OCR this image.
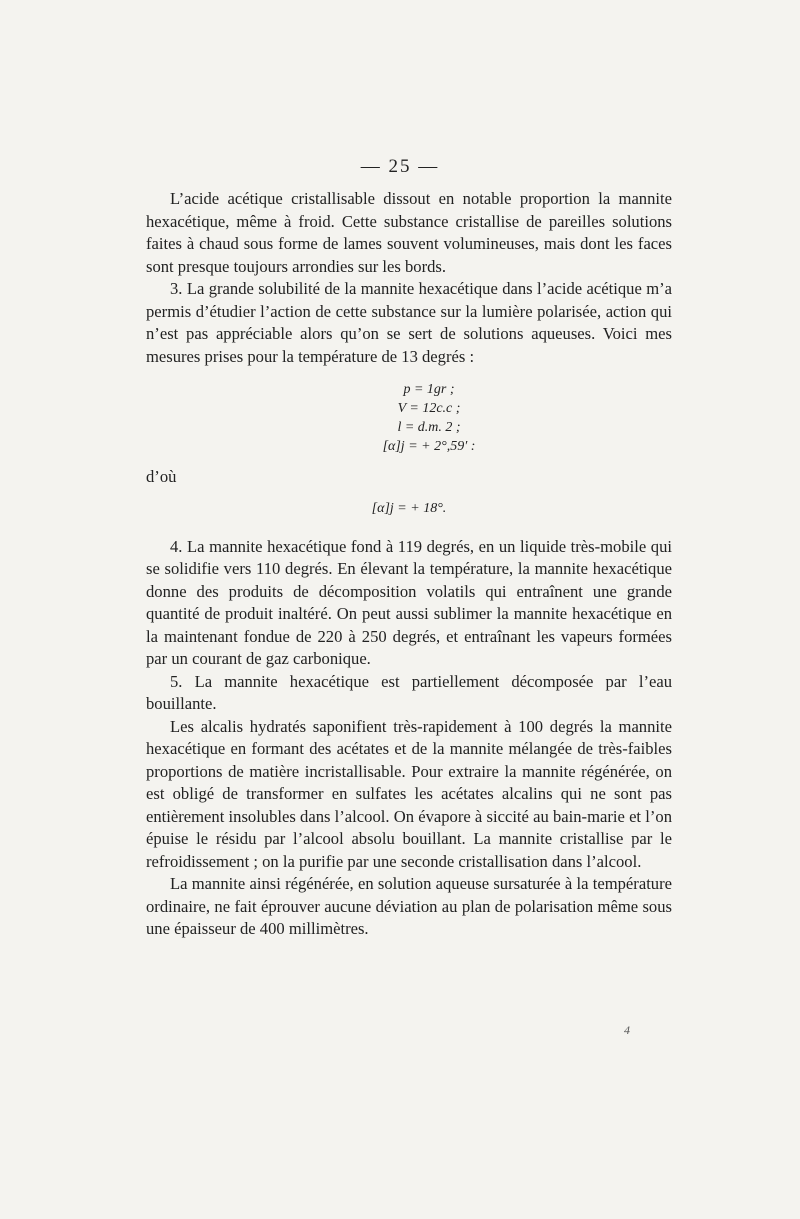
— 25 —

L’acide acétique cristallisable dissout en notable proportion la mannite hexacétique, même à froid. Cette substance cristallise de pareilles solutions faites à chaud sous forme de lames souvent volumineuses, mais dont les faces sont presque toujours arrondies sur les bords.

3. La grande solubilité de la mannite hexacétique dans l’acide acétique m’a permis d’étudier l’action de cette substance sur la lumière polarisée, action qui n’est pas appréciable alors qu’on se sert de solutions aqueuses. Voici mes mesures prises pour la température de 13 degrés :

p = 1gr ;
V = 12c.c ;
l = d.m. 2 ;
[α]j = + 2°,59′ :

d’où

[α]j = + 18°.

4. La mannite hexacétique fond à 119 degrés, en un liquide très-mobile qui se solidifie vers 110 degrés. En élevant la température, la mannite hexacétique donne des produits de décomposition volatils qui entraînent une grande quantité de produit inaltéré. On peut aussi sublimer la mannite hexacétique en la maintenant fondue de 220 à 250 degrés, et entraînant les vapeurs formées par un courant de gaz carbonique.

5. La mannite hexacétique est partiellement décomposée par l’eau bouillante.

Les alcalis hydratés saponifient très-rapidement à 100 degrés la mannite hexacétique en formant des acétates et de la mannite mélangée de très-faibles proportions de matière incristallisable. Pour extraire la mannite régénérée, on est obligé de transformer en sulfates les acétates alcalins qui ne sont pas entièrement insolubles dans l’alcool. On évapore à siccité au bain-marie et l’on épuise le résidu par l’alcool absolu bouillant. La mannite cristallise par le refroidissement ; on la purifie par une seconde cristallisation dans l’alcool.

La mannite ainsi régénérée, en solution aqueuse sursaturée à la température ordinaire, ne fait éprouver aucune déviation au plan de polarisation même sous une épaisseur de 400 millimètres.

4
